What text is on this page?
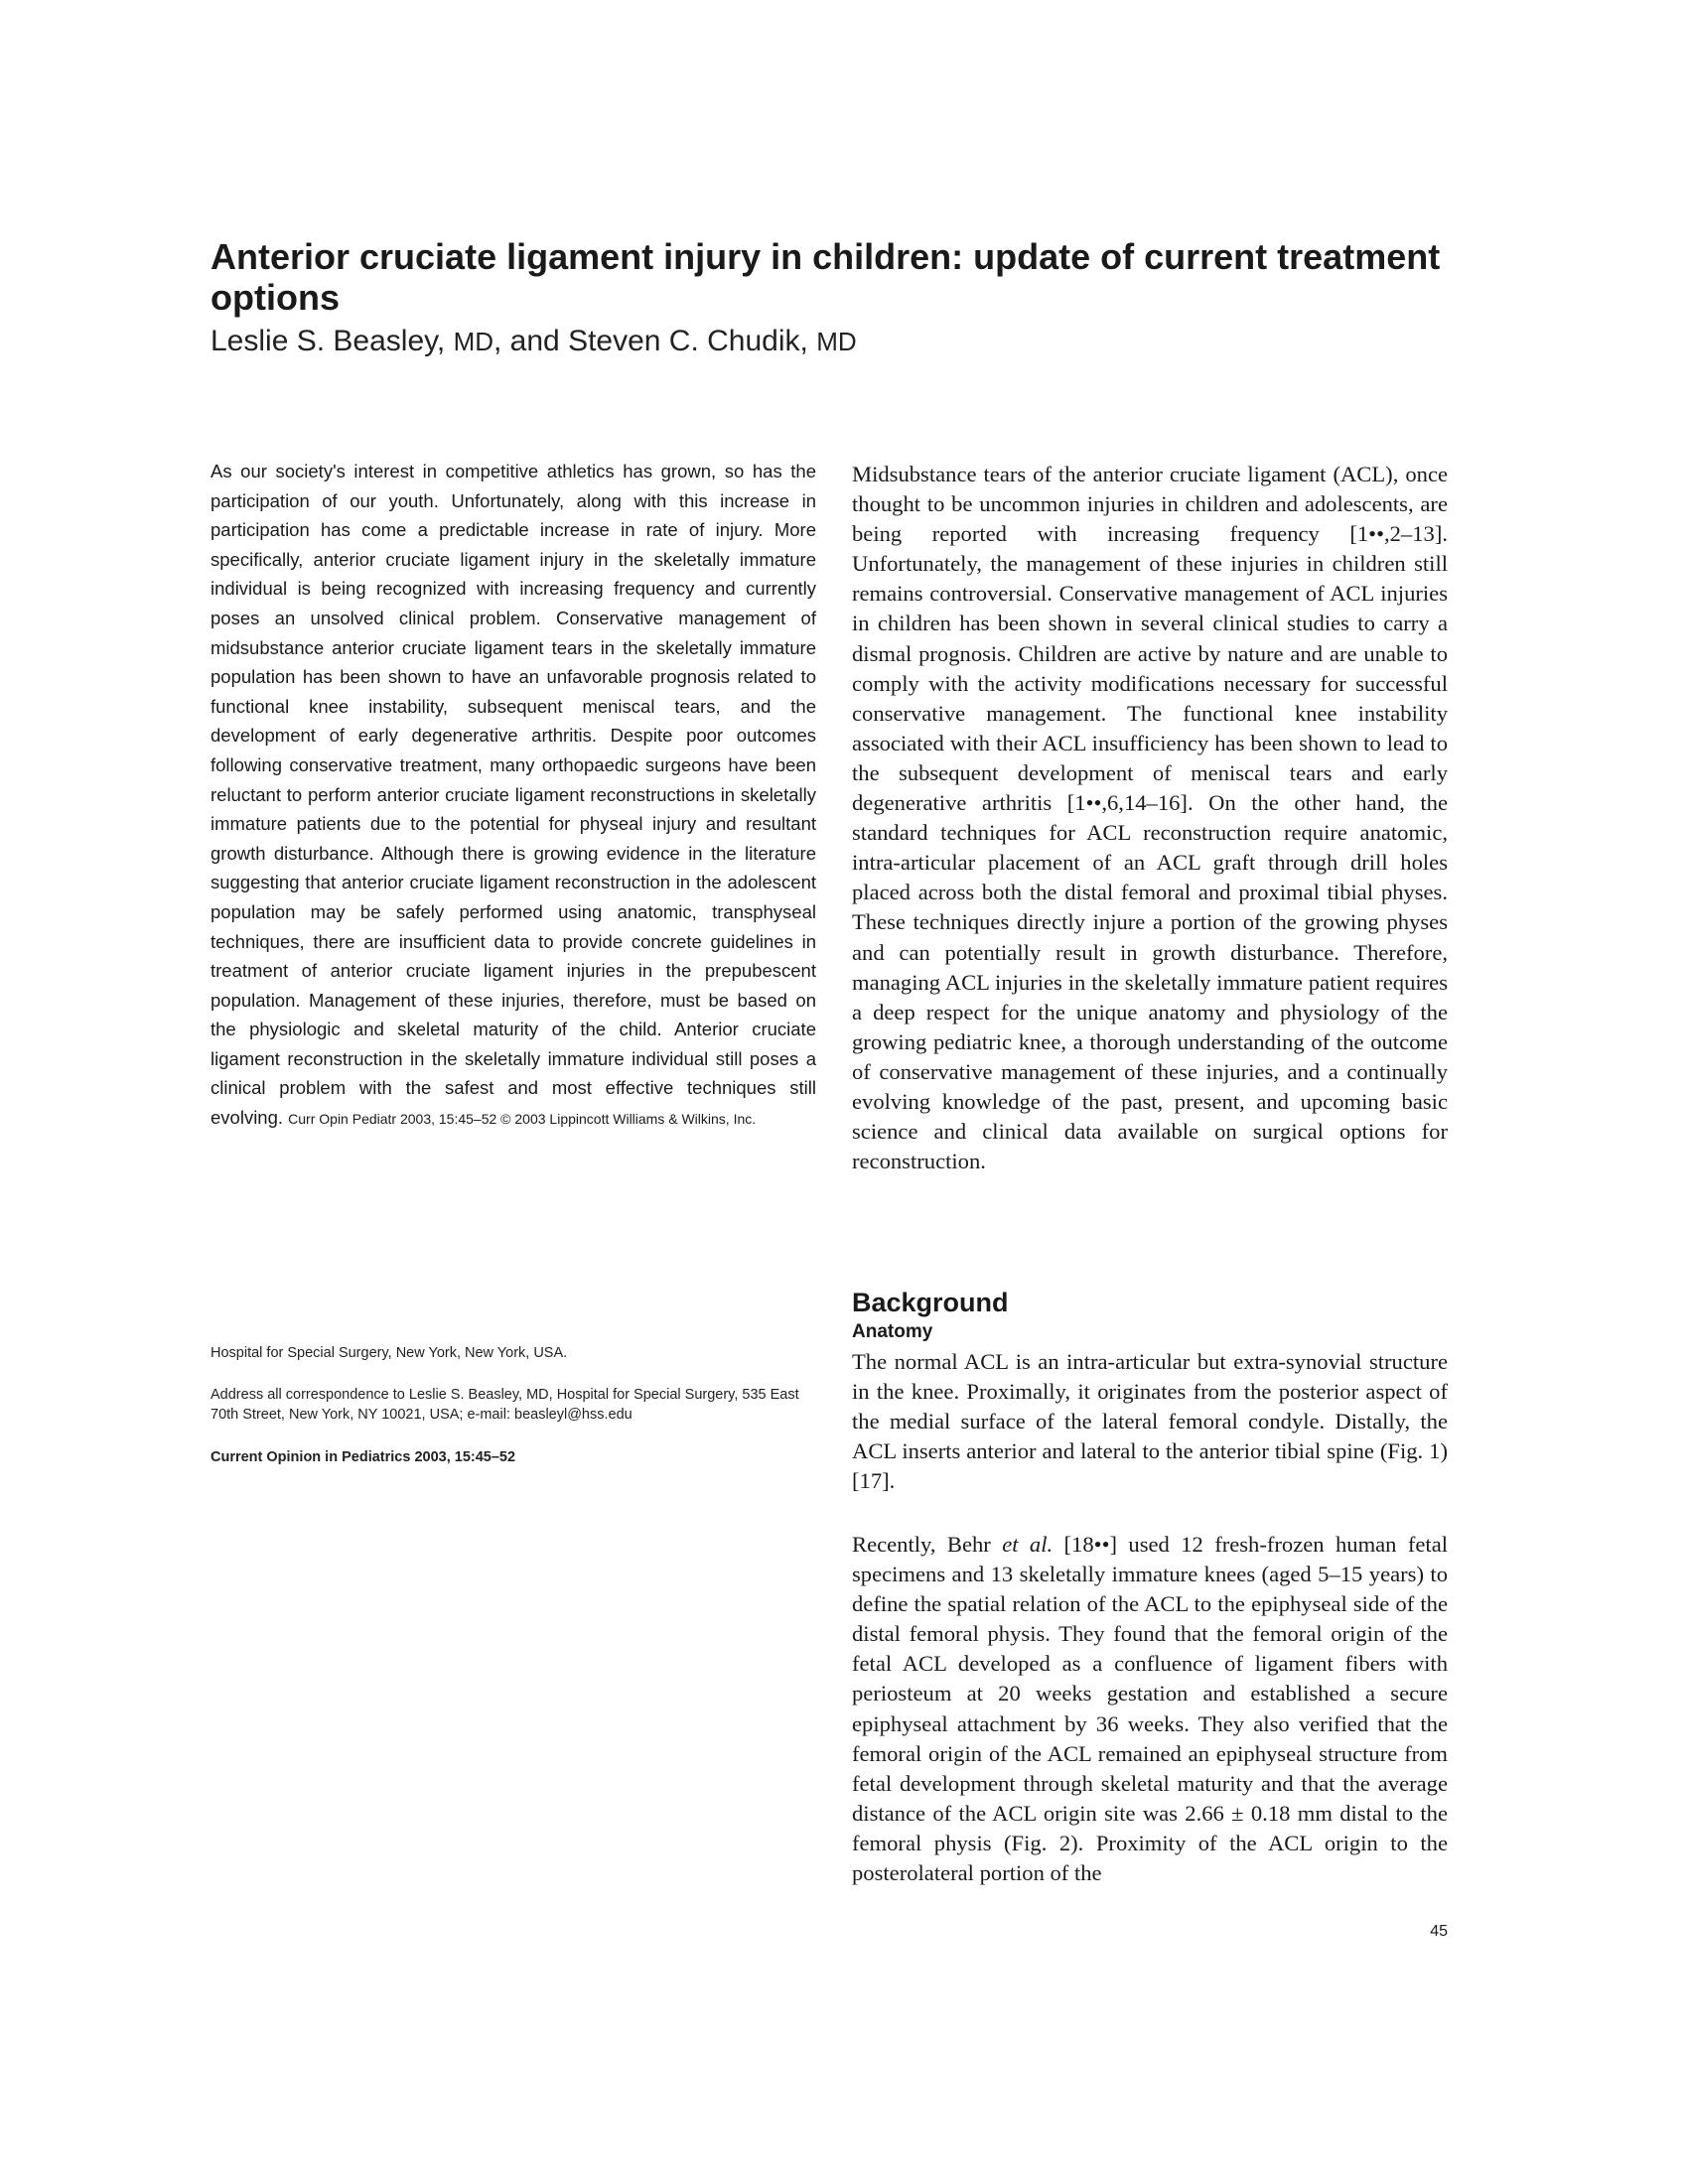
Anterior cruciate ligament injury in children: update of current treatment options

Leslie S. Beasley, MD, and Steven C. Chudik, MD

As our society's interest in competitive athletics has grown, so has the participation of our youth. Unfortunately, along with this increase in participation has come a predictable increase in rate of injury. More specifically, anterior cruciate ligament injury in the skeletally immature individual is being recognized with increasing frequency and currently poses an unsolved clinical problem. Conservative management of midsubstance anterior cruciate ligament tears in the skeletally immature population has been shown to have an unfavorable prognosis related to functional knee instability, subsequent meniscal tears, and the development of early degenerative arthritis. Despite poor outcomes following conservative treatment, many orthopaedic surgeons have been reluctant to perform anterior cruciate ligament reconstructions in skeletally immature patients due to the potential for physeal injury and resultant growth disturbance. Although there is growing evidence in the literature suggesting that anterior cruciate ligament reconstruction in the adolescent population may be safely performed using anatomic, transphyseal techniques, there are insufficient data to provide concrete guidelines in treatment of anterior cruciate ligament injuries in the prepubescent population. Management of these injuries, therefore, must be based on the physiologic and skeletal maturity of the child. Anterior cruciate ligament reconstruction in the skeletally immature individual still poses a clinical problem with the safest and most effective techniques still evolving. Curr Opin Pediatr 2003, 15:45–52 © 2003 Lippincott Williams & Wilkins, Inc.

Hospital for Special Surgery, New York, New York, USA.

Address all correspondence to Leslie S. Beasley, MD, Hospital for Special Surgery, 535 East 70th Street, New York, NY 10021, USA; e-mail: beasleyl@hss.edu

Current Opinion in Pediatrics 2003, 15:45–52

Midsubstance tears of the anterior cruciate ligament (ACL), once thought to be uncommon injuries in children and adolescents, are being reported with increasing frequency [1••,2–13]. Unfortunately, the management of these injuries in children still remains controversial. Conservative management of ACL injuries in children has been shown in several clinical studies to carry a dismal prognosis. Children are active by nature and are unable to comply with the activity modifications necessary for successful conservative management. The functional knee instability associated with their ACL insufficiency has been shown to lead to the subsequent development of meniscal tears and early degenerative arthritis [1••,6,14–16]. On the other hand, the standard techniques for ACL reconstruction require anatomic, intra-articular placement of an ACL graft through drill holes placed across both the distal femoral and proximal tibial physes. These techniques directly injure a portion of the growing physes and can potentially result in growth disturbance. Therefore, managing ACL injuries in the skeletally immature patient requires a deep respect for the unique anatomy and physiology of the growing pediatric knee, a thorough understanding of the outcome of conservative management of these injuries, and a continually evolving knowledge of the past, present, and upcoming basic science and clinical data available on surgical options for reconstruction.

Background
Anatomy

The normal ACL is an intra-articular but extra-synovial structure in the knee. Proximally, it originates from the posterior aspect of the medial surface of the lateral femoral condyle. Distally, the ACL inserts anterior and lateral to the anterior tibial spine (Fig. 1) [17].

Recently, Behr et al. [18••] used 12 fresh-frozen human fetal specimens and 13 skeletally immature knees (aged 5–15 years) to define the spatial relation of the ACL to the epiphyseal side of the distal femoral physis. They found that the femoral origin of the fetal ACL developed as a confluence of ligament fibers with periosteum at 20 weeks gestation and established a secure epiphyseal attachment by 36 weeks. They also verified that the femoral origin of the ACL remained an epiphyseal structure from fetal development through skeletal maturity and that the average distance of the ACL origin site was 2.66 ± 0.18 mm distal to the femoral physis (Fig. 2). Proximity of the ACL origin to the posterolateral portion of the

45
